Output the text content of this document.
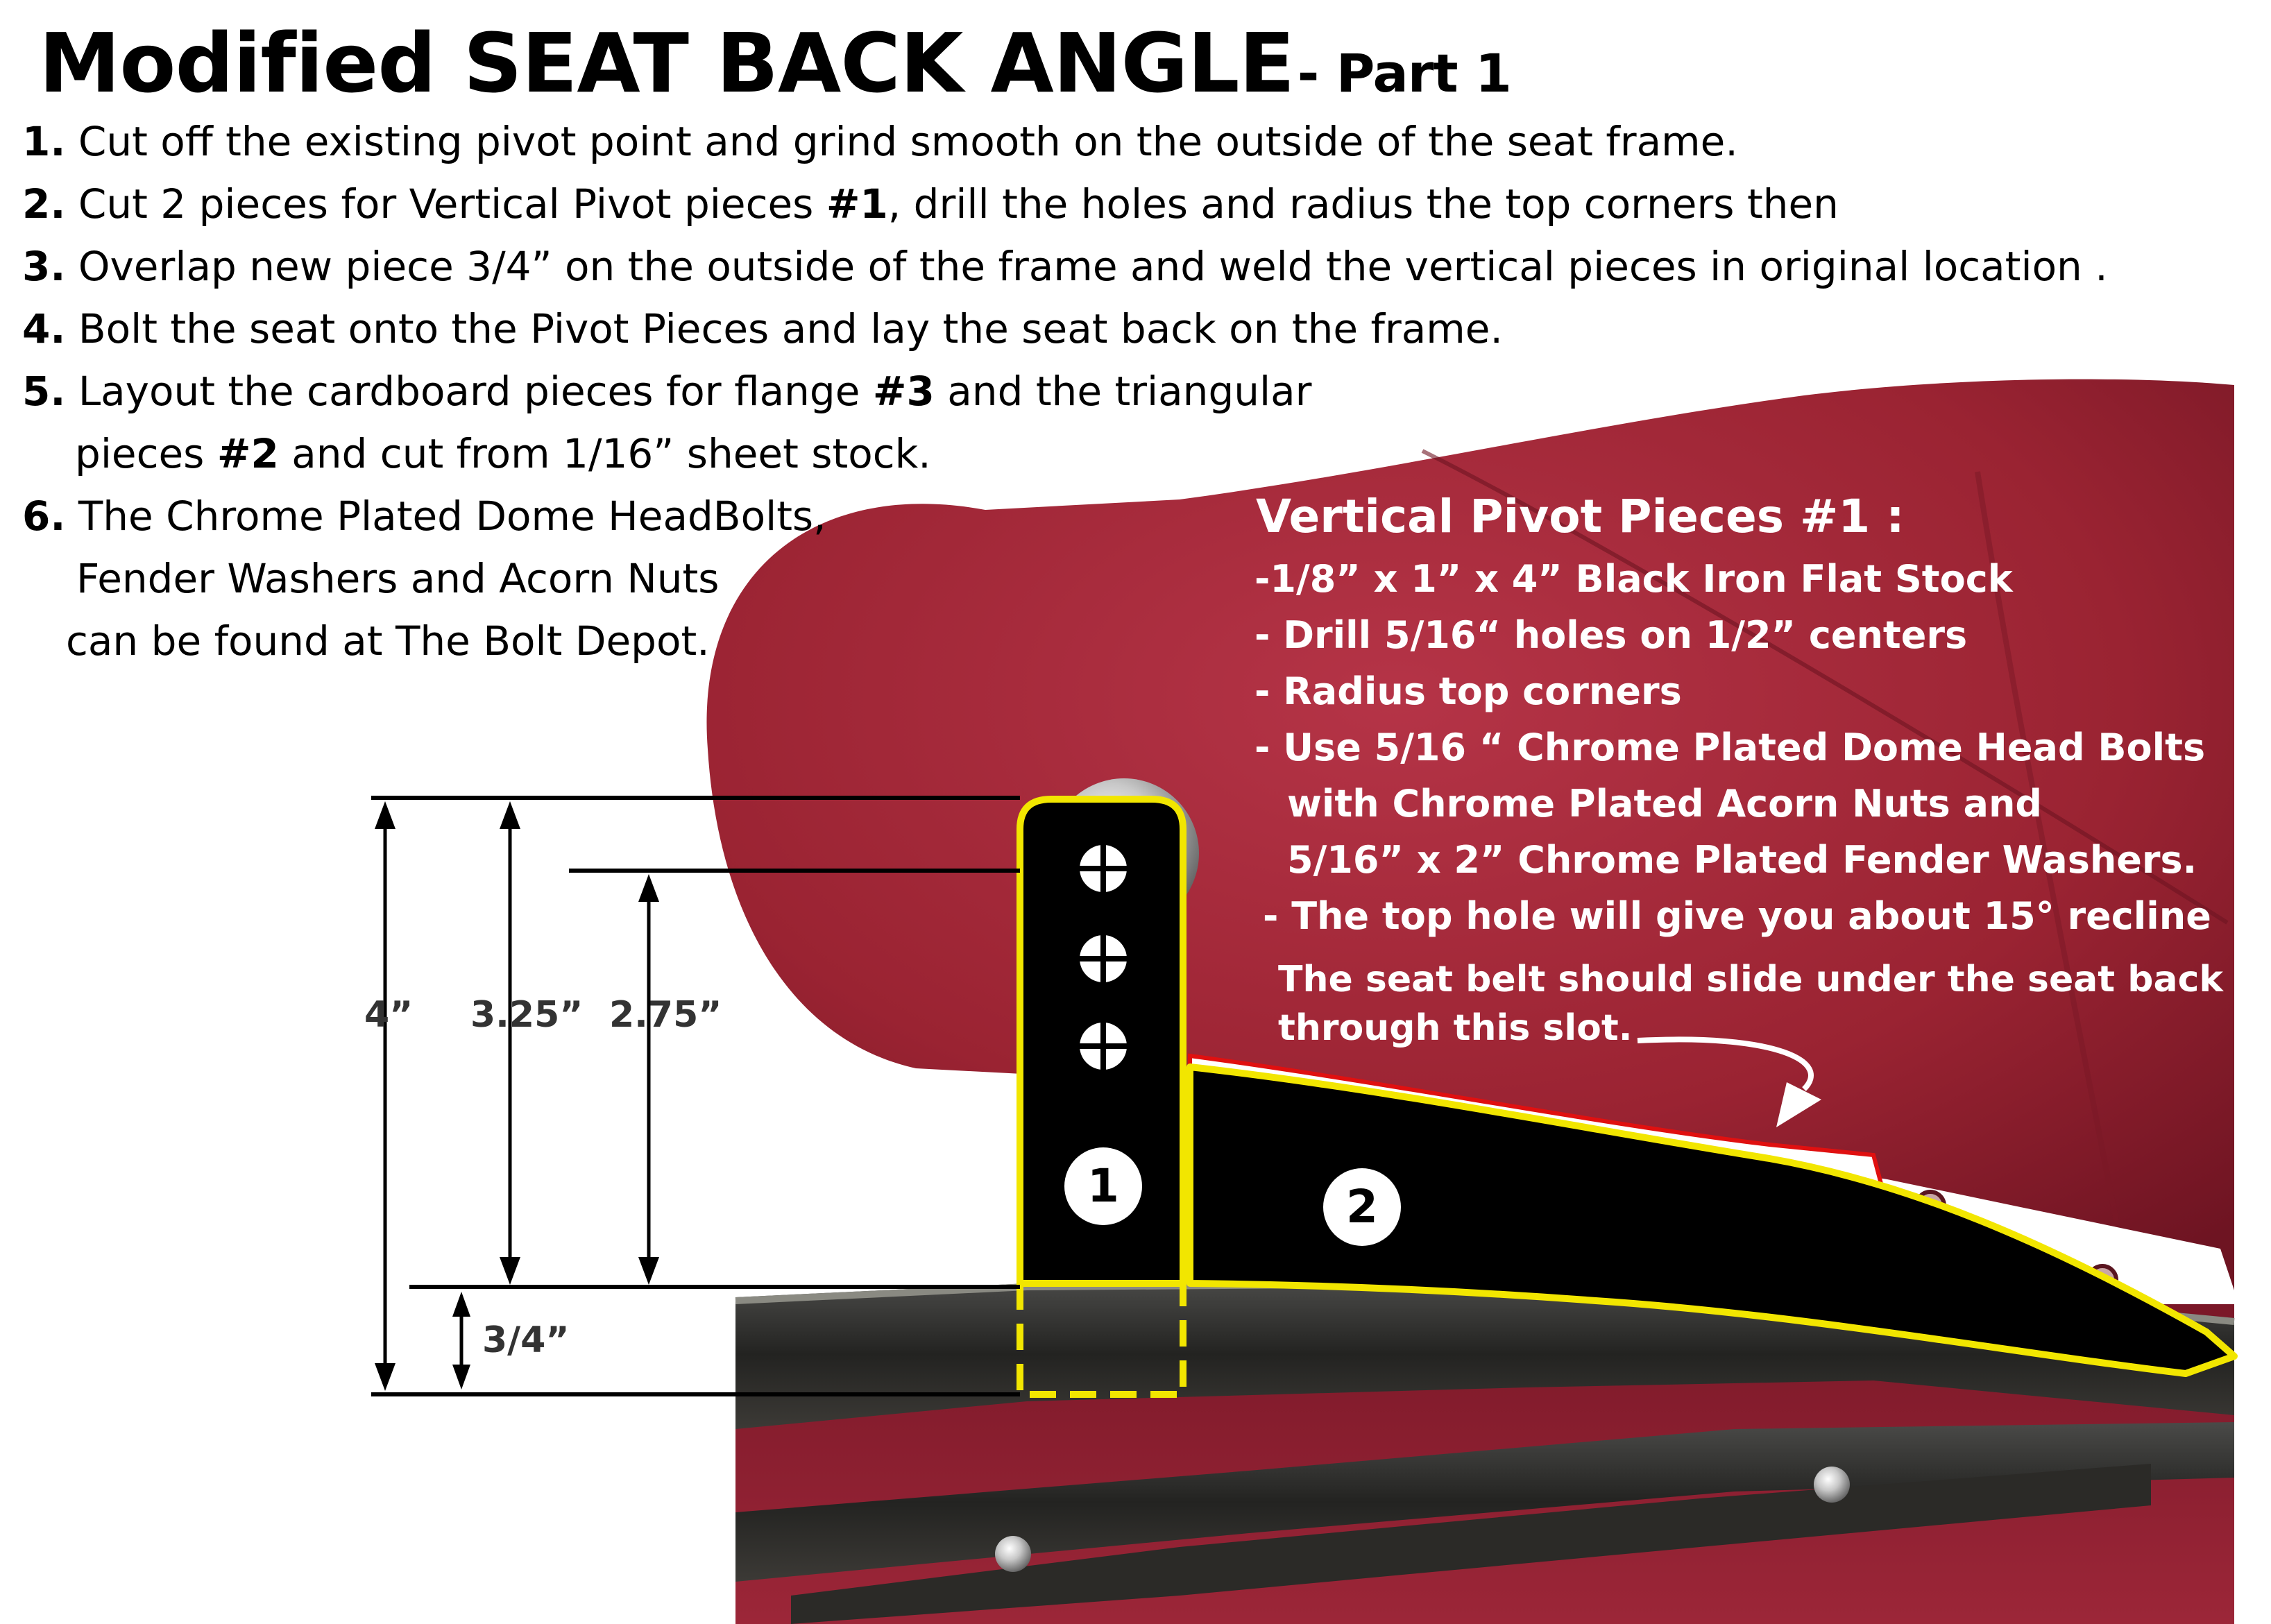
Modified SEAT BACK ANGLE - Part 1
1. Cut off the existing pivot point and grind smooth on the outside of the seat frame.
2. Cut 2 pieces for Vertical Pivot pieces #1, drill the holes and radius the top corners then
3. Overlap new piece 3/4” on the outside of the frame and weld the vertical pieces in original location .
4. Bolt the seat onto the Pivot Pieces and lay the seat back on the frame.
5. Layout the cardboard pieces for flange #3 and the triangular
pieces #2 and cut from 1/16” sheet stock.
6. The Chrome Plated Dome HeadBolts,
Fender Washers and Acorn Nuts
can be found at The Bolt Depot.
Vertical Pivot Pieces #1 :
-1/8” x 1” x 4” Black Iron Flat Stock
- Drill 5/16“ holes on 1/2” centers
- Radius top corners
- Use 5/16 “ Chrome Plated Dome Head Bolts
with Chrome Plated Acorn Nuts and
5/16” x 2” Chrome Plated Fender Washers.
- The top hole will give you about 15° recline
The seat belt should slide under the seat back
through this slot.
4” 3.25” 2.75”
3/4”
1	2
